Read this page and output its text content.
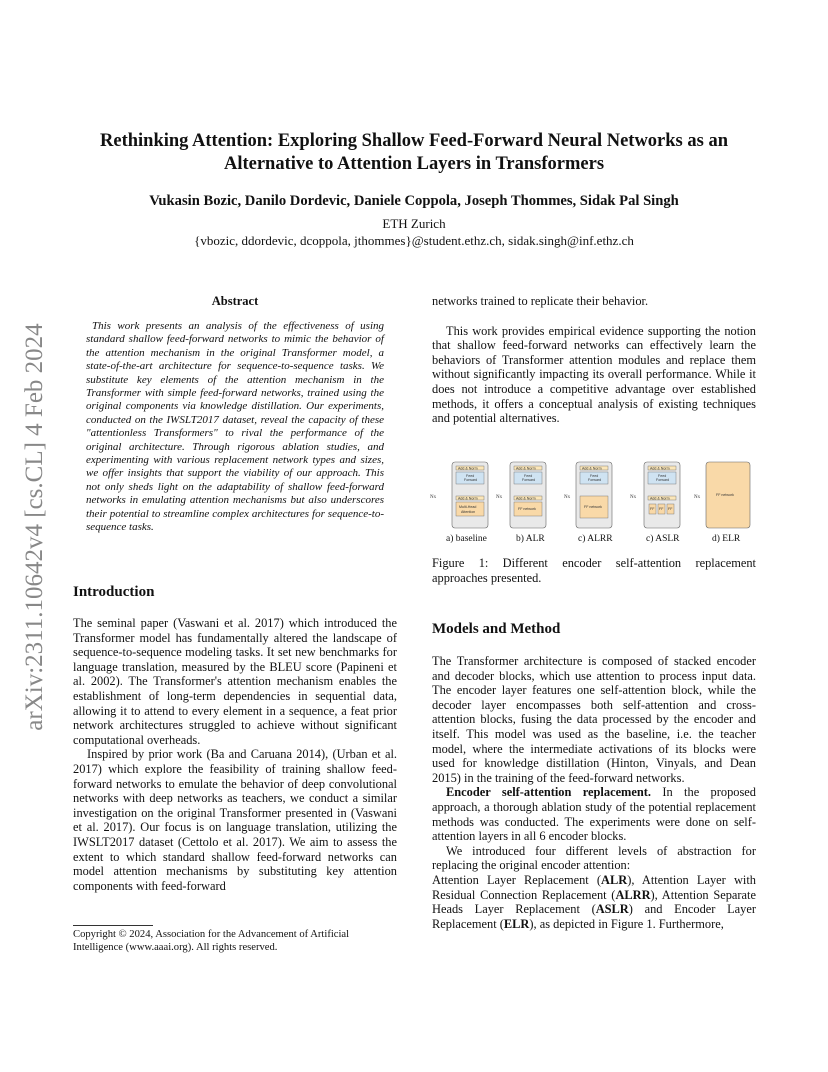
Rethinking Attention: Exploring Shallow Feed-Forward Neural Networks as an
Alternative to Attention Layers in Transformers
Vukasin Bozic, Danilo Dordevic, Daniele Coppola, Joseph Thommes, Sidak Pal Singh
ETH Zurich
{vbozic, ddordevic, dcoppola, jthommes}@student.ethz.ch, sidak.singh@inf.ethz.ch
arXiv:2311.10642v4 [cs.CL] 4 Feb 2024
Abstract
This work presents an analysis of the effectiveness of using standard shallow feed-forward networks to mimic the behavior of the attention mechanism in the original Transformer model, a state-of-the-art architecture for sequence-to-sequence tasks. We substitute key elements of the attention mechanism in the Transformer with simple feed-forward networks, trained using the original components via knowledge distillation. Our experiments, conducted on the IWSLT2017 dataset, reveal the capacity of these "attentionless Transformers" to rival the performance of the original architecture. Through rigorous ablation studies, and experimenting with various replacement network types and sizes, we offer insights that support the viability of our approach. This not only sheds light on the adaptability of shallow feed-forward networks in emulating attention mechanisms but also underscores their potential to streamline complex architectures for sequence-to-sequence tasks.
Introduction

The seminal paper (Vaswani et al. 2017) which introduced the Transformer model has fundamentally altered the landscape of sequence-to-sequence modeling tasks. It set new benchmarks for language translation, measured by the BLEU score (Papineni et al. 2002). The Transformer's attention mechanism enables the establishment of long-term dependencies in sequential data, allowing it to attend to every element in a sequence, a feat prior network architectures struggled to achieve without significant computational overheads.

Inspired by prior work (Ba and Caruana 2014), (Urban et al. 2017) which explore the feasibility of training shallow feed-forward networks to emulate the behavior of deep convolutional networks with deep networks as teachers, we conduct a similar investigation on the original Transformer presented in (Vaswani et al. 2017). Our focus is on language translation, utilizing the IWSLT2017 dataset (Cettolo et al. 2017). We aim to assess the extent to which standard shallow feed-forward networks can model attention mechanisms by substituting key attention components with feed-forward

Copyright © 2024, Association for the Advancement of Artificial Intelligence (www.aaai.org). All rights reserved.

networks trained to replicate their behavior.

This work provides empirical evidence supporting the notion that shallow feed-forward networks can effectively learn the behaviors of Transformer attention modules and replace them without significantly impacting its overall performance. While it does not introduce a competitive advantage over established methods, it offers a conceptual analysis of existing techniques and potential alternatives.

Nx
Add & Norm
Feed
Forward
Add & Norm
Multi-Head
Attention
a) baseline
Nx
Add & Norm
Feed
Forward
Add & Norm
FF network
b) ALR
Nx
Add & Norm
Feed
Forward
FF network
c) ALRR
Nx
Add & Norm
Feed
Forward
Add & Norm
FF FF FF
c) ASLR
Nx	FF network
d) ELR
Figure 1: Different encoder self-attention replacement approaches presented.
Models and Method

The Transformer architecture is composed of stacked encoder and decoder blocks, which use attention to process input data. The encoder layer features one self-attention block, while the decoder layer encompasses both self-attention and cross-attention blocks, fusing the data processed by the encoder and itself. This model was used as the baseline, i.e. the teacher model, where the intermediate activations of its blocks were used for knowledge distillation (Hinton, Vinyals, and Dean 2015) in the training of the feed-forward networks.

Encoder self-attention replacement. In the proposed approach, a thorough ablation study of the potential replacement methods was conducted. The experiments were done on self-attention layers in all 6 encoder blocks.

We introduced four different levels of abstraction for replacing the original encoder attention:

Attention Layer Replacement (ALR), Attention Layer with Residual Connection Replacement (ALRR), Attention Separate Heads Layer Replacement (ASLR) and Encoder Layer Replacement (ELR), as depicted in Figure 1. Furthermore,
